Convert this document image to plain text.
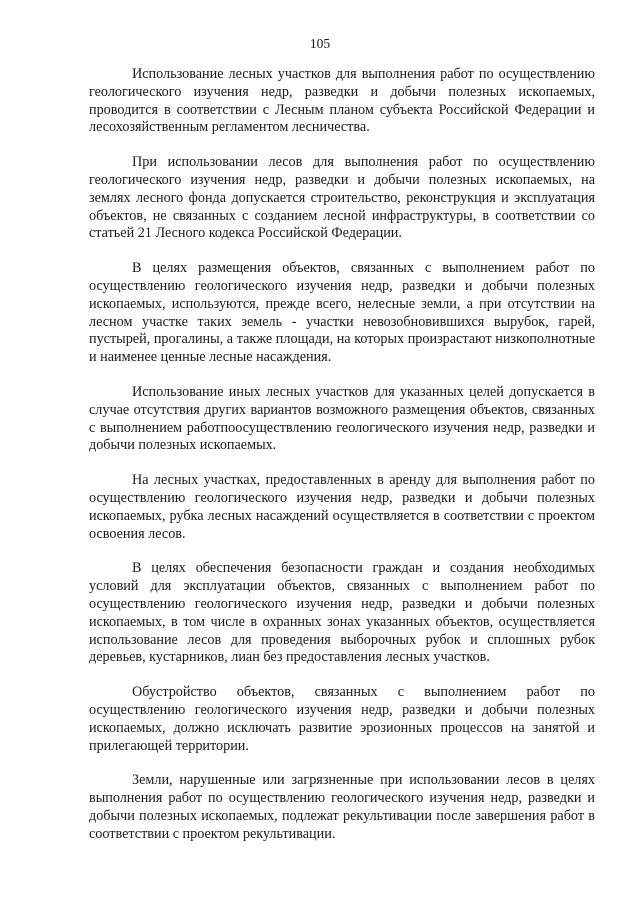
105

Использование лесных участков для выполнения работ по осуществлению геологического изучения недр, разведки и добычи полезных ископаемых, проводится в соответствии с Лесным планом субъекта Российской Федерации и лесохозяйственным регламентом лесничества.

При использовании лесов для выполнения работ по осуществлению геологического изучения недр, разведки и добычи полезных ископаемых, на землях лесного фонда допускается строительство, реконструкция и эксплуатация объектов, не связанных с созданием лесной инфраструктуры, в соответствии со статьей 21 Лесного кодекса Российской Федерации.

В целях размещения объектов, связанных с выполнением работ по осуществлению геологического изучения недр, разведки и добычи полезных ископаемых, используются, прежде всего, нелесные земли, а при отсутствии на лесном участке таких земель - участки невозобновившихся вырубок, гарей, пустырей, прогалины, а также площади, на которых произрастают низкополнотные и наименее ценные лесные насаждения.

Использование иных лесных участков для указанных целей допускается в случае отсутствия других вариантов возможного размещения объектов, связанных с выполнением работпоосуществлению геологического изучения недр, разведки и добычи полезных ископаемых.

На лесных участках, предоставленных в аренду для выполнения работ по осуществлению геологического изучения недр, разведки и добычи полезных ископаемых, рубка лесных насаждений осуществляется в соответствии с проектом освоения лесов.

В целях обеспечения безопасности граждан и создания необходимых условий для эксплуатации объектов, связанных с выполнением работ по осуществлению геологического изучения недр, разведки и добычи полезных ископаемых, в том числе в охранных зонах указанных объектов, осуществляется использование лесов для проведения выборочных рубок и сплошных рубок деревьев, кустарников, лиан без предоставления лесных участков.

Обустройство объектов, связанных с выполнением работ по осуществлению геологического изучения недр, разведки и добычи полезных ископаемых, должно исключать развитие эрозионных процессов на занятой и прилегающей территории.

Земли, нарушенные или загрязненные при использовании лесов в целях выполнения работ по осуществлению геологического изучения недр, разведки и добычи полезных ископаемых, подлежат рекультивации после завершения работ в соответствии с проектом рекультивации.
